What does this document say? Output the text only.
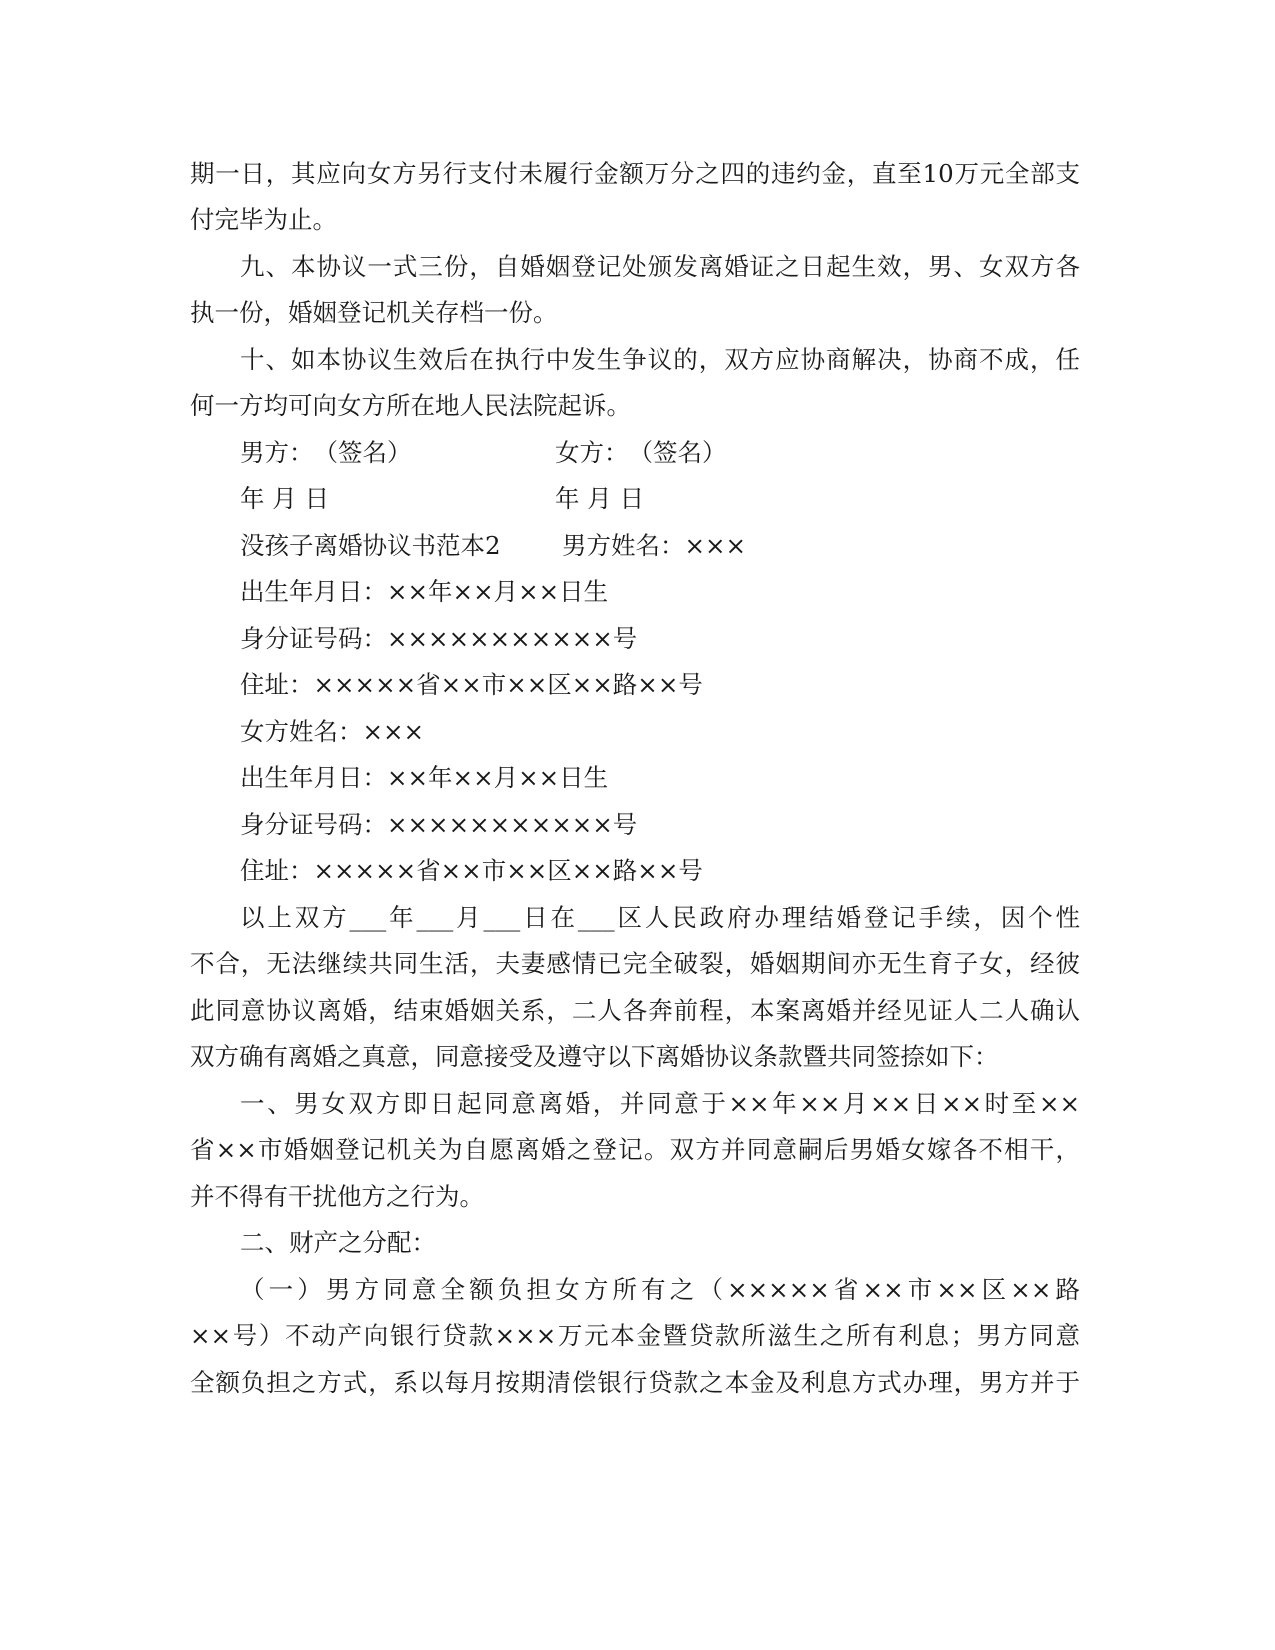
期一日，其应向女方另行支付未履行金额万分之四的违约金，直至10万元全部支

付完毕为止。

九、本协议一式三份，自婚姻登记处颁发离婚证之日起生效，男、女双方各

执一份，婚姻登记机关存档一份。

十、如本协议生效后在执行中发生争议的，双方应协商解决，协商不成，任

何一方均可向女方所在地人民法院起诉。

男方：　（签名）	女方：　（签名）

年 月 日	年 月 日

没孩子离婚协议书范本2	男方姓名：×××

出生年月日：××年××月××日生

身分证号码：×××××××××××号

住址：×××××省××市××区××路××号

女方姓名：×××

出生年月日：××年××月××日生

身分证号码：×××××××××××号

住址：×××××省××市××区××路××号

以上双方___年___月___日在___区人民政府办理结婚登记手续，因个性

不合，无法继续共同生活，夫妻感情已完全破裂，婚姻期间亦无生育子女，经彼

此同意协议离婚，结束婚姻关系，二人各奔前程，本案离婚并经见证人二人确认

双方确有离婚之真意，同意接受及遵守以下离婚协议条款暨共同签捺如下：

一、男女双方即日起同意离婚，并同意于××年××月××日××时至××

省××市婚姻登记机关为自愿离婚之登记。双方并同意嗣后男婚女嫁各不相干，

并不得有干扰他方之行为。

二、财产之分配：

（一）男方同意全额负担女方所有之（×××××省××市××区××路

××号）不动产向银行贷款×××万元本金暨贷款所滋生之所有利息；男方同意

全额负担之方式，系以每月按期清偿银行贷款之本金及利息方式办理，男方并于
